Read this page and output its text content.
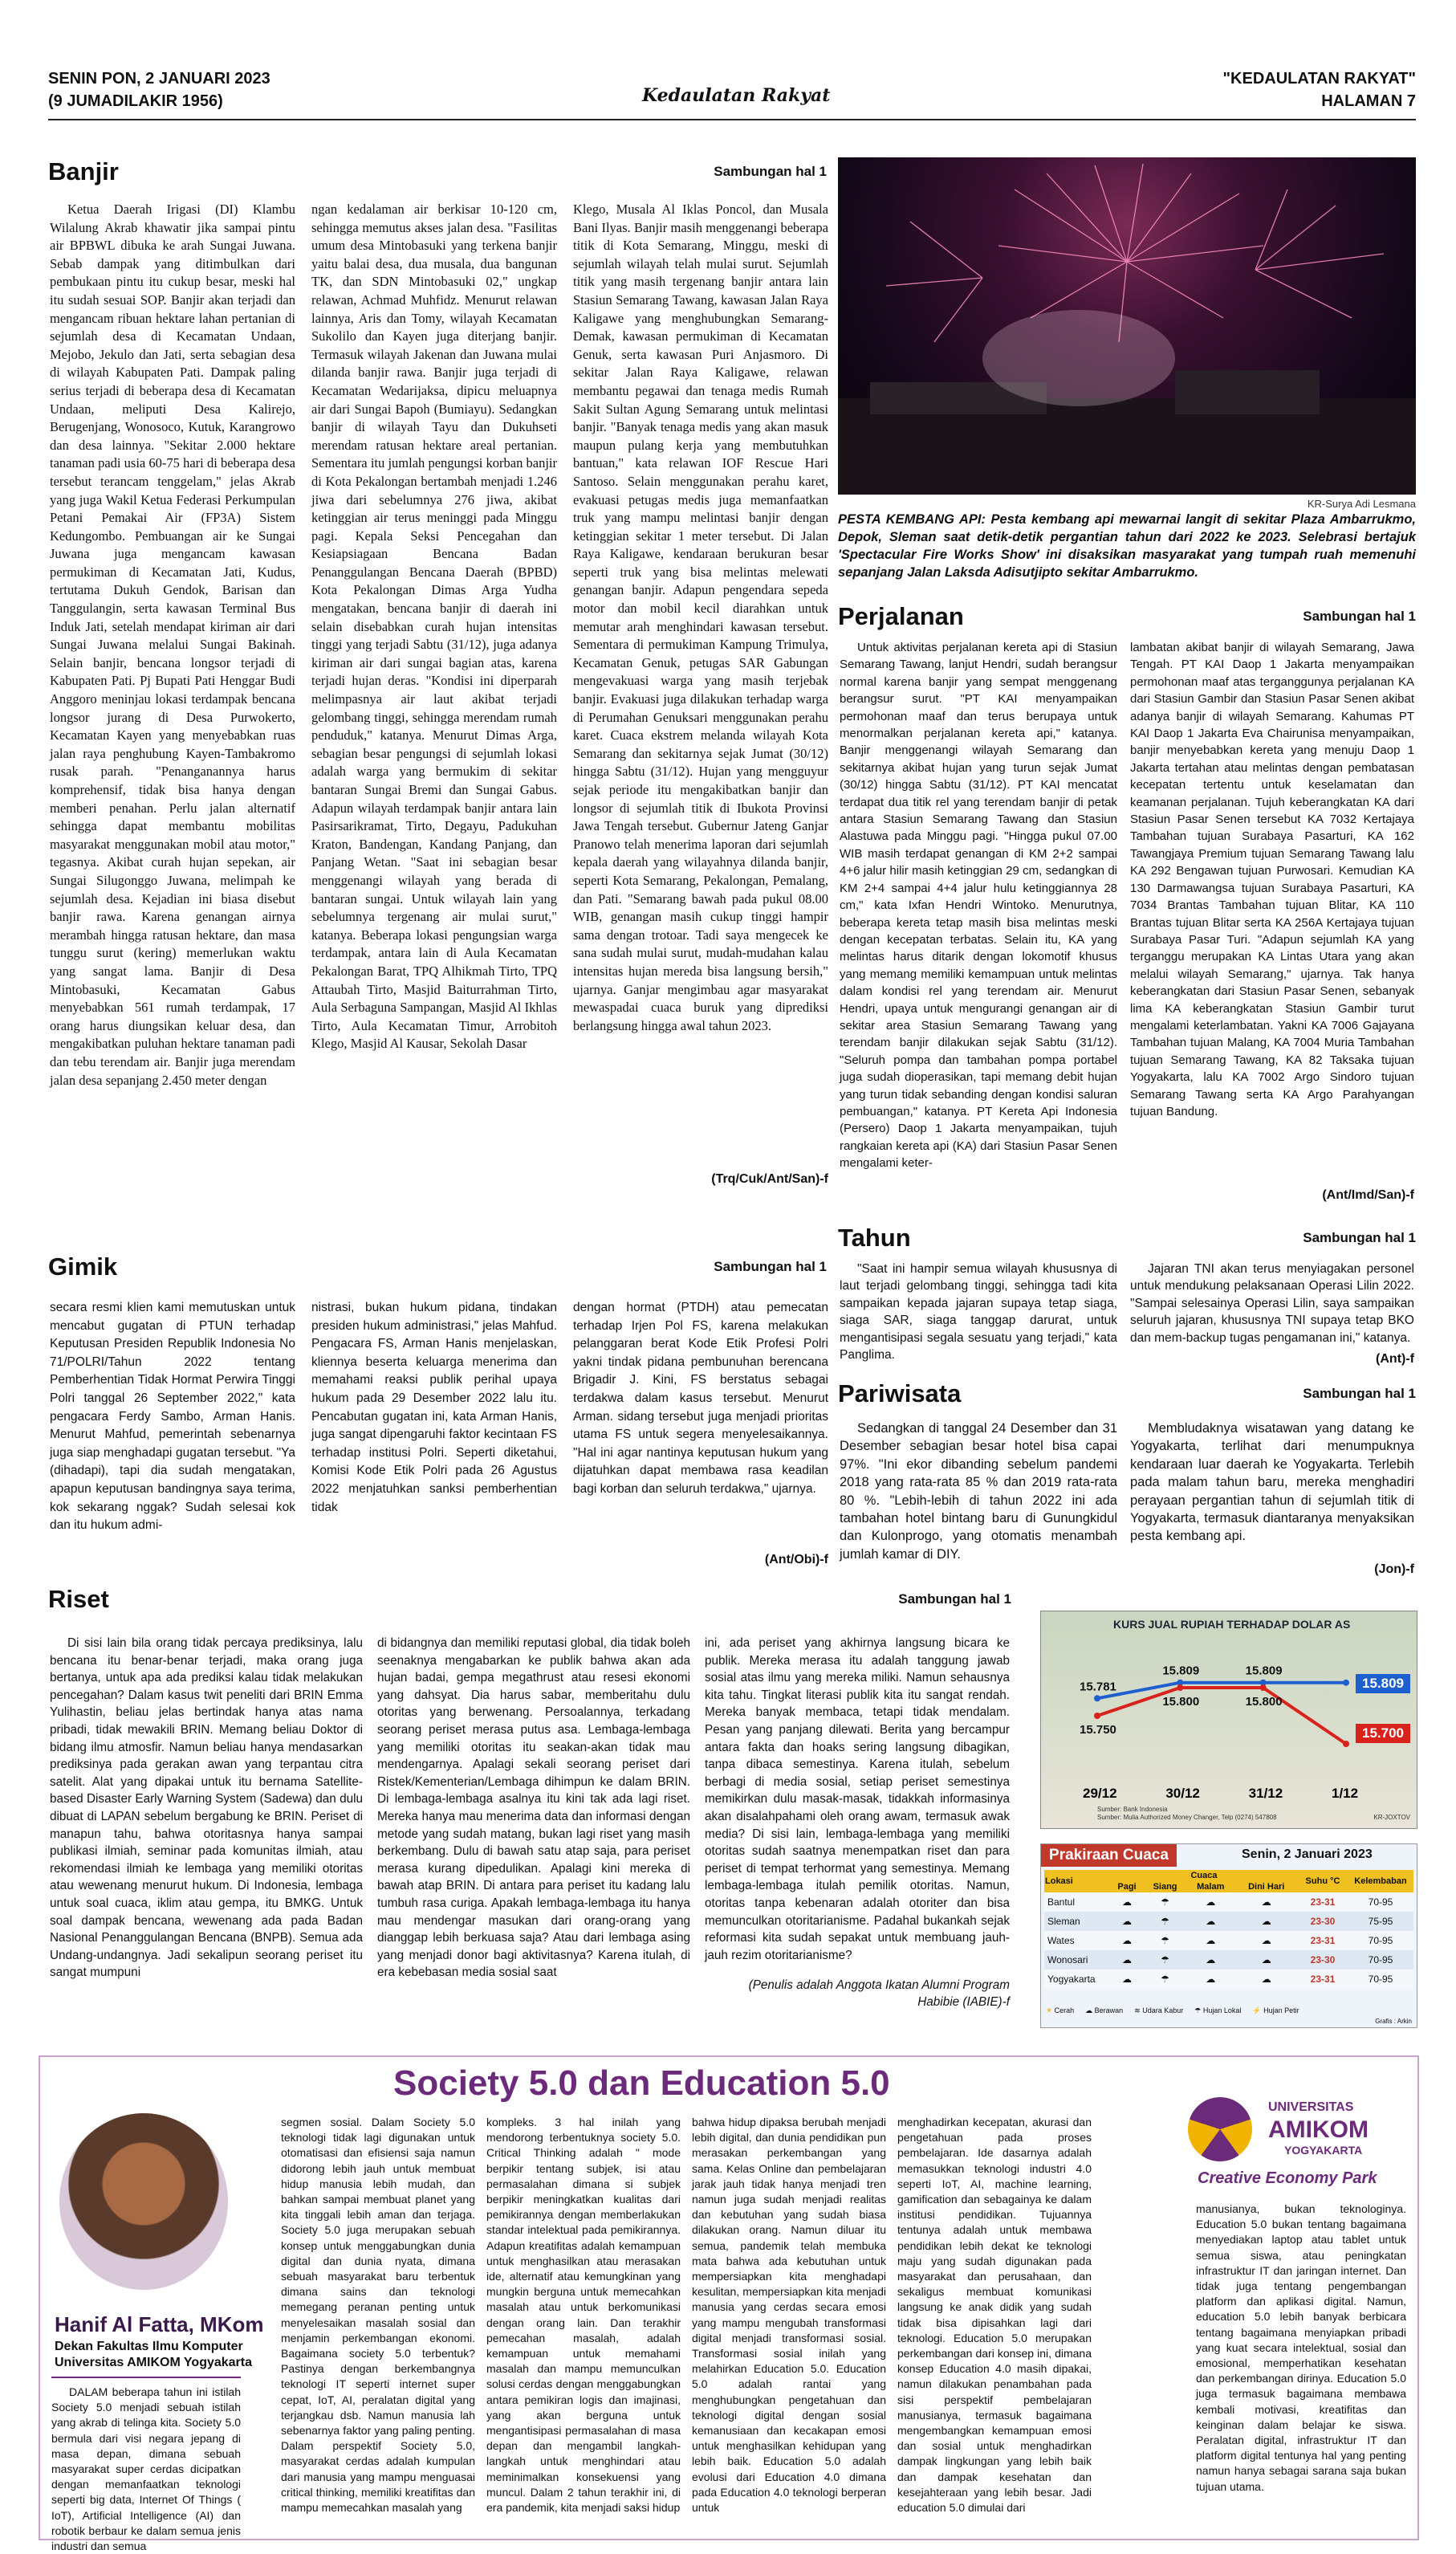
SENIN PON, 2 JANUARI 2023
(9 JUMADILAKIR 1956)	Kedaulatan Rakyat
"KEDAULATAN RAKYAT"
HALAMAN 7
Banjir	Sambungan hal 1

Ketua Daerah Irigasi (DI) Klambu Wilalung Akrab khawatir jika sampai pintu air BPBWL dibuka ke arah Sungai Juwana. Sebab dampak yang ditimbulkan dari pembukaan pintu itu cukup besar, meski hal itu sudah sesuai SOP. Banjir akan terjadi dan mengancam ribuan hektare lahan pertanian di sejumlah desa di Kecamatan Undaan, Mejobo, Jekulo dan Jati, serta sebagian desa di wilayah Kabupaten Pati. Dampak paling serius terjadi di beberapa desa di Kecamatan Undaan, meliputi Desa Kalirejo, Berugenjang, Wonosoco, Kutuk, Karangrowo dan desa lainnya. "Sekitar 2.000 hektare tanaman padi usia 60-75 hari di beberapa desa tersebut terancam tenggelam," jelas Akrab yang juga Wakil Ketua Federasi Perkumpulan Petani Pemakai Air (FP3A) Sistem Kedungombo. Pembuangan air ke Sungai Juwana juga mengancam kawasan permukiman di Kecamatan Jati, Kudus, tertutama Dukuh Gendok, Barisan dan Tanggulangin, serta kawasan Terminal Bus Induk Jati, setelah mendapat kiriman air dari Sungai Juwana melalui Sungai Bakinah. Selain banjir, bencana longsor terjadi di Kabupaten Pati. Pj Bupati Pati Henggar Budi Anggoro meninjau lokasi terdampak bencana longsor jurang di Desa Purwokerto, Kecamatan Kayen yang menyebabkan ruas jalan raya penghubung Kayen-Tambakromo rusak parah. "Penanganannya harus komprehensif, tidak bisa hanya dengan memberi penahan. Perlu jalan alternatif sehingga dapat membantu mobilitas masyarakat menggunakan mobil atau motor," tegasnya. Akibat curah hujan sepekan, air Sungai Silugonggo Juwana, melimpah ke sejumlah desa. Kejadian ini biasa disebut banjir rawa. Karena genangan airnya merambah hingga ratusan hektare, dan masa tunggu surut (kering) memerlukan waktu yang sangat lama. Banjir di Desa Mintobasuki, Kecamatan Gabus menyebabkan 561 rumah terdampak, 17 orang harus diungsikan keluar desa, dan mengakibatkan puluhan hektare tanaman padi dan tebu terendam air. Banjir juga merendam jalan desa sepanjang 2.450 meter dengan

ngan kedalaman air berkisar 10-120 cm, sehingga memutus akses jalan desa. "Fasilitas umum desa Mintobasuki yang terkena banjir yaitu balai desa, dua musala, dua bangunan TK, dan SDN Mintobasuki 02," ungkap relawan, Achmad Muhfidz. Menurut relawan lainnya, Aris dan Tomy, wilayah Kecamatan Sukolilo dan Kayen juga diterjang banjir. Termasuk wilayah Jakenan dan Juwana mulai dilanda banjir rawa. Banjir juga terjadi di Kecamatan Wedarijaksa, dipicu meluapnya air dari Sungai Bapoh (Bumiayu). Sedangkan banjir di wilayah Tayu dan Dukuhseti merendam ratusan hektare areal pertanian. Sementara itu jumlah pengungsi korban banjir di Kota Pekalongan bertambah menjadi 1.246 jiwa dari sebelumnya 276 jiwa, akibat ketinggian air terus meninggi pada Minggu pagi. Kepala Seksi Pencegahan dan Kesiapsiagaan Bencana Badan Penanggulangan Bencana Daerah (BPBD) Kota Pekalongan Dimas Arga Yudha mengatakan, bencana banjir di daerah ini selain disebabkan curah hujan intensitas tinggi yang terjadi Sabtu (31/12), juga adanya kiriman air dari sungai bagian atas, karena terjadi hujan deras. "Kondisi ini diperparah melimpasnya air laut akibat terjadi gelombang tinggi, sehingga merendam rumah penduduk," katanya. Menurut Dimas Arga, sebagian besar pengungsi di sejumlah lokasi adalah warga yang bermukim di sekitar bantaran Sungai Bremi dan Sungai Gabus. Adapun wilayah terdampak banjir antara lain Pasirsarikramat, Tirto, Degayu, Padukuhan Kraton, Bandengan, Kandang Panjang, dan Panjang Wetan. "Saat ini sebagian besar menggenangi wilayah yang berada di bantaran sungai. Untuk wilayah lain yang sebelumnya tergenang air mulai surut," katanya. Beberapa lokasi pengungsian warga terdampak, antara lain di Aula Kecamatan Pekalongan Barat, TPQ Alhikmah Tirto, TPQ Attaubah Tirto, Masjid Baiturrahman Tirto, Aula Serbaguna Sampangan, Masjid Al Ikhlas Tirto, Aula Kecamatan Timur, Arrobitoh Klego, Masjid Al Kausar, Sekolah Dasar

Klego, Musala Al Iklas Poncol, dan Musala Bani Ilyas. Banjir masih menggenangi beberapa titik di Kota Semarang, Minggu, meski di sejumlah wilayah telah mulai surut. Sejumlah titik yang masih tergenang banjir antara lain Stasiun Semarang Tawang, kawasan Jalan Raya Kaligawe yang menghubungkan Semarang-Demak, kawasan permukiman di Kecamatan Genuk, serta kawasan Puri Anjasmoro. Di sekitar Jalan Raya Kaligawe, relawan membantu pegawai dan tenaga medis Rumah Sakit Sultan Agung Semarang untuk melintasi banjir. "Banyak tenaga medis yang akan masuk maupun pulang kerja yang membutuhkan bantuan," kata relawan IOF Rescue Hari Santoso. Selain menggunakan perahu karet, evakuasi petugas medis juga memanfaatkan truk yang mampu melintasi banjir dengan ketinggian sekitar 1 meter tersebut. Di Jalan Raya Kaligawe, kendaraan berukuran besar seperti truk yang bisa melintas melewati genangan banjir. Adapun pengendara sepeda motor dan mobil kecil diarahkan untuk memutar arah menghindari kawasan tersebut. Sementara di permukiman Kampung Trimulya, Kecamatan Genuk, petugas SAR Gabungan mengevakuasi warga yang masih terjebak banjir. Evakuasi juga dilakukan terhadap warga di Perumahan Genuksari menggunakan perahu karet. Cuaca ekstrem melanda wilayah Kota Semarang dan sekitarnya sejak Jumat (30/12) hingga Sabtu (31/12). Hujan yang mengguyur sejak periode itu mengakibatkan banjir dan longsor di sejumlah titik di Ibukota Provinsi Jawa Tengah tersebut. Gubernur Jateng Ganjar Pranowo telah menerima laporan dari sejumlah kepala daerah yang wilayahnya dilanda banjir, seperti Kota Semarang, Pekalongan, Pemalang, dan Pati. "Semarang bawah pada pukul 08.00 WIB, genangan masih cukup tinggi hampir sama dengan trotoar. Tadi saya mengecek ke sana sudah mulai surut, mudah-mudahan kalau intensitas hujan mereda bisa langsung bersih," ujarnya. Ganjar mengimbau agar masyarakat mewaspadai cuaca buruk yang diprediksi berlangsung hingga awal tahun 2023.

(Trq/Cuk/Ant/San)-f
KR-Surya Adi Lesmana
PESTA KEMBANG API: Pesta kembang api mewarnai langit di sekitar Plaza Ambarrukmo, Depok, Sleman saat detik-detik pergantian tahun dari 2022 ke 2023. Selebrasi bertajuk 'Spectacular Fire Works Show' ini disaksikan masyarakat yang tumpah ruah memenuhi sepanjang Jalan Laksda Adisutjipto sekitar Ambarrukmo.
Perjalanan	Sambungan hal 1

Untuk aktivitas perjalanan kereta api di Stasiun Semarang Tawang, lanjut Hendri, sudah berangsur normal karena banjir yang sempat menggenang berangsur surut. "PT KAI menyampaikan permohonan maaf dan terus berupaya untuk menormalkan perjalanan kereta api," katanya. Banjir menggenangi wilayah Semarang dan sekitarnya akibat hujan yang turun sejak Jumat (30/12) hingga Sabtu (31/12). PT KAI mencatat terdapat dua titik rel yang terendam banjir di petak antara Stasiun Semarang Tawang dan Stasiun Alastuwa pada Minggu pagi. "Hingga pukul 07.00 WIB masih terdapat genangan di KM 2+2 sampai 4+6 jalur hilir masih ketinggian 29 cm, sedangkan di KM 2+4 sampai 4+4 jalur hulu ketinggiannya 28 cm," kata Ixfan Hendri Wintoko. Menurutnya, beberapa kereta tetap masih bisa melintas meski dengan kecepatan terbatas. Selain itu, KA yang melintas harus ditarik dengan lokomotif khusus yang memang memiliki kemampuan untuk melintas dalam kondisi rel yang terendam air. Menurut Hendri, upaya untuk mengurangi genangan air di sekitar area Stasiun Semarang Tawang yang terendam banjir dilakukan sejak Sabtu (31/12). "Seluruh pompa dan tambahan pompa portabel juga sudah dioperasikan, tapi memang debit hujan yang turun tidak sebanding dengan kondisi saluran pembuangan," katanya. PT Kereta Api Indonesia (Persero) Daop 1 Jakarta menyampaikan, tujuh rangkaian kereta api (KA) dari Stasiun Pasar Senen mengalami keter-

lambatan akibat banjir di wilayah Semarang, Jawa Tengah. PT KAI Daop 1 Jakarta menyampaikan permohonan maaf atas terganggunya perjalanan KA dari Stasiun Gambir dan Stasiun Pasar Senen akibat adanya banjir di wilayah Semarang. Kahumas PT KAI Daop 1 Jakarta Eva Chairunisa menyampaikan, banjir menyebabkan kereta yang menuju Daop 1 Jakarta tertahan atau melintas dengan pembatasan kecepatan tertentu untuk keselamatan dan keamanan perjalanan. Tujuh keberangkatan KA dari Stasiun Pasar Senen tersebut KA 7032 Kertajaya Tambahan tujuan Surabaya Pasarturi, KA 162 Tawangjaya Premium tujuan Semarang Tawang lalu KA 292 Bengawan tujuan Purwosari. Kemudian KA 130 Darmawangsa tujuan Surabaya Pasarturi, KA 7034 Brantas Tambahan tujuan Blitar, KA 110 Brantas tujuan Blitar serta KA 256A Kertajaya tujuan Surabaya Pasar Turi. "Adapun sejumlah KA yang terganggu merupakan KA Lintas Utara yang akan melalui wilayah Semarang," ujarnya. Tak hanya keberangkatan dari Stasiun Pasar Senen, sebanyak lima KA keberangkatan Stasiun Gambir turut mengalami keterlambatan. Yakni KA 7006 Gajayana Tambahan tujuan Malang, KA 7004 Muria Tambahan tujuan Semarang Tawang, KA 82 Taksaka tujuan Yogyakarta, lalu KA 7002 Argo Sindoro tujuan Semarang Tawang serta KA Argo Parahyangan tujuan Bandung.

(Ant/Imd/San)-f
Tahun	Sambungan hal 1

"Saat ini hampir semua wilayah khususnya di laut terjadi gelombang tinggi, sehingga tadi kita sampaikan kepada jajaran supaya tetap siaga, siaga SAR, siaga tanggap darurat, untuk mengantisipasi segala sesuatu yang terjadi," kata Panglima.

Jajaran TNI akan terus menyiagakan personel untuk mendukung pelaksanaan Operasi Lilin 2022. "Sampai selesainya Operasi Lilin, saya sampaikan seluruh jajaran, khususnya TNI supaya tetap BKO dan mem-backup tugas pengamanan ini," katanya.

(Ant)-f
Pariwisata	Sambungan hal 1

Sedangkan di tanggal 24 Desember dan 31 Desember sebagian besar hotel bisa capai 97%. "Ini ekor dibanding sebelum pandemi 2018 yang rata-rata 85 % dan 2019 rata-rata 80 %. "Lebih-lebih di tahun 2022 ini ada tambahan hotel bintang baru di Gunungkidul dan Kulonprogo, yang otomatis menambah jumlah kamar di DIY.

Membludaknya wisatawan yang datang ke Yogyakarta, terlihat dari menumpuknya kendaraan luar daerah ke Yogyakarta. Terlebih pada malam tahun baru, mereka menghadiri perayaan pergantian tahun di sejumlah titik di Yogyakarta, termasuk diantaranya menyaksikan pesta kembang api.

(Jon)-f
Gimik	Sambungan hal 1

secara resmi klien kami memutuskan untuk mencabut gugatan di PTUN terhadap Keputusan Presiden Republik Indonesia No 71/POLRI/Tahun 2022 tentang Pemberhentian Tidak Hormat Perwira Tinggi Polri tanggal 26 September 2022," kata pengacara Ferdy Sambo, Arman Hanis. Menurut Mahfud, pemerintah sebenarnya juga siap menghadapi gugatan tersebut. "Ya (dihadapi), tapi dia sudah mengatakan, apapun keputusan bandingnya saya terima, kok sekarang nggak? Sudah selesai kok dan itu hukum admi-

nistrasi, bukan hukum pidana, tindakan presiden hukum administrasi," jelas Mahfud. Pengacara FS, Arman Hanis menjelaskan, kliennya beserta keluarga menerima dan memahami reaksi publik perihal upaya hukum pada 29 Desember 2022 lalu itu. Pencabutan gugatan ini, kata Arman Hanis, juga sangat dipengaruhi faktor kecintaan FS terhadap institusi Polri. Seperti diketahui, Komisi Kode Etik Polri pada 26 Agustus 2022 menjatuhkan sanksi pemberhentian tidak

dengan hormat (PTDH) atau pemecatan terhadap Irjen Pol FS, karena melakukan pelanggaran berat Kode Etik Profesi Polri yakni tindak pidana pembunuhan berencana Brigadir J. Kini, FS berstatus sebagai terdakwa dalam kasus tersebut. Menurut Arman. sidang tersebut juga menjadi prioritas utama FS untuk segera menyelesaikannya. "Hal ini agar nantinya keputusan hukum yang dijatuhkan dapat membawa rasa keadilan bagi korban dan seluruh terdakwa," ujarnya.

(Ant/Obi)-f
Riset	Sambungan hal 1

Di sisi lain bila orang tidak percaya prediksinya, lalu bencana itu benar-benar terjadi, maka orang juga bertanya, untuk apa ada prediksi kalau tidak melakukan pencegahan? Dalam kasus twit peneliti dari BRIN Emma Yulihastin, beliau jelas bertindak hanya atas nama pribadi, tidak mewakili BRIN. Memang beliau Doktor di bidang ilmu atmosfir. Namun beliau hanya mendasarkan prediksinya pada gerakan awan yang terpantau citra satelit. Alat yang dipakai untuk itu bernama Satellite-based Disaster Early Warning System (Sadewa) dan dulu dibuat di LAPAN sebelum bergabung ke BRIN. Periset di manapun tahu, bahwa otoritasnya hanya sampai publikasi ilmiah, seminar pada komunitas ilmiah, atau rekomendasi ilmiah ke lembaga yang memiliki otoritas atau wewenang menurut hukum. Di Indonesia, lembaga untuk soal cuaca, iklim atau gempa, itu BMKG. Untuk soal dampak bencana, wewenang ada pada Badan Nasional Penanggulangan Bencana (BNPB). Semua ada Undang-undangnya. Jadi sekalipun seorang periset itu sangat mumpuni

di bidangnya dan memiliki reputasi global, dia tidak boleh seenaknya mengabarkan ke publik bahwa akan ada hujan badai, gempa megathrust atau resesi ekonomi yang dahsyat. Dia harus sabar, memberitahu dulu otoritas yang berwenang. Persoalannya, terkadang seorang periset merasa putus asa. Lembaga-lembaga yang memiliki otoritas itu seakan-akan tidak mau mendengarnya. Apalagi sekali seorang periset dari Ristek/Kementerian/Lembaga dihimpun ke dalam BRIN. Di lembaga-lembaga asalnya itu kini tak ada lagi riset. Mereka hanya mau menerima data dan informasi dengan metode yang sudah matang, bukan lagi riset yang masih berkembang. Dulu di bawah satu atap saja, para periset merasa kurang dipedulikan. Apalagi kini mereka di bawah atap BRIN. Di antara para periset itu kadang lalu tumbuh rasa curiga. Apakah lembaga-lembaga itu hanya mau mendengar masukan dari orang-orang yang dianggap lebih berkuasa saja? Atau dari lembaga asing yang menjadi donor bagi aktivitasnya? Karena itulah, di era kebebasan media sosial saat

ini, ada periset yang akhirnya langsung bicara ke publik. Mereka merasa itu adalah tanggung jawab sosial atas ilmu yang mereka miliki. Namun sehausnya kita tahu. Tingkat literasi publik kita itu sangat rendah. Mereka banyak membaca, tetapi tidak mendalam. Pesan yang panjang dilewati. Berita yang bercampur antara fakta dan hoaks sering langsung dibagikan, tanpa dibaca semestinya. Karena itulah, sebelum berbagi di media sosial, setiap periset semestinya memikirkan dulu masak-masak, tidakkah informasinya akan disalahpahami oleh orang awam, termasuk awak media? Di sisi lain, lembaga-lembaga yang memiliki otoritas sudah saatnya menempatkan riset dan para periset di tempat terhormat yang semestinya. Memang lembaga-lembaga itulah pemilik otoritas. Namun, otoritas tanpa kebenaran adalah otoriter dan bisa memunculkan otoritarianisme. Padahal bukankah sejak reformasi kita sudah sepakat untuk membuang jauh-jauh rezim otoritarianisme?

(Penulis adalah Anggota Ikatan Alumni Program Habibie (IABIE)-f
KURS JUAL RUPIAH TERHADAP DOLAR AS
15.781
15.809	15.809
15.800
15.750
15.800
29/12	30/12	31/12	1/12
15.809
15.700
Sumber: Bank Indonesia
Sumber: Mulia Authorized Money Changer, Telp (0274) 547808	KR-JOXTOV
Prakiraan Cuaca	Senin, 2 Januari 2023
Lokasi	Cuaca				Suhu °C	Kelembaban
	Pagi	Siang	Malam	Dini Hari		
Bantul	☁	☂	☁	☁	23-31	70-95
Sleman	☁	☂	☁	☁	23-30	75-95
Wates	☁	☂	☁	☁	23-31	70-95
Wonosari	☁	☂	☁	☁	23-30	70-95
Yogyakarta	☁	☂	☁	☁	23-31	70-95
☀ Cerah ☁ Berawan ≋ Udara Kabur ☂ Hujan Lokal ⚡ Hujan Petir
Grafis : Arkin
Society 5.0 dan Education 5.0
Hanif Al Fatta, MKom
Dekan Fakultas Ilmu Komputer
Universitas AMIKOM Yogyakarta

DALAM beberapa tahun ini istilah Society 5.0 menjadi sebuah istilah yang akrab di telinga kita. Society 5.0 bermula dari visi negara jepang di masa depan, dimana sebuah masyarakat super cerdas dicipatkan dengan memanfaatkan teknologi seperti big data, Internet Of Things ( IoT), Artificial Intelligence (AI) dan robotik berbaur ke dalam semua jenis industri dan semua

segmen sosial. Dalam Society 5.0 teknologi tidak lagi digunakan untuk otomatisasi dan efisiensi saja namun didorong lebih jauh untuk membuat hidup manusia lebih mudah, dan bahkan sampai membuat planet yang kita tinggali lebih aman dan terjaga. Society 5.0 juga merupakan sebuah konsep untuk menggabungkan dunia digital dan dunia nyata, dimana sebuah masyarakat baru terbentuk dimana sains dan teknologi memegang peranan penting untuk menyelesaikan masalah sosial dan menjamin perkembangan ekonomi. Bagaimana society 5.0 terbentuk? Pastinya dengan berkembangnya teknologi IT seperti internet super cepat, IoT, AI, peralatan digital yang terjangkau dsb. Namun manusia lah sebenarnya faktor yang paling penting. Dalam perspektif Society 5.0, masyarakat cerdas adalah kumpulan dari manusia yang mampu menguasai critical thinking, memiliki kreatifitas dan mampu memecahkan masalah yang

kompleks. 3 hal inilah yang mendorong terbentuknya society 5.0. Critical Thinking adalah " mode berpikir tentang subjek, isi atau permasalahan dimana si subjek berpikir meningkatkan kualitas dari pemikirannya dengan memberlakukan standar intelektual pada pemikirannya. Adapun kreatifitas adalah kemampuan untuk menghasilkan atau merasakan ide, alternatif atau kemungkinan yang mungkin berguna untuk memecahkan masalah atau untuk berkomunikasi dengan orang lain. Dan terakhir pemecahan masalah, adalah kemampuan untuk memahami masalah dan mampu memunculkan solusi cerdas dengan menggabungkan antara pemikiran logis dan imajinasi, yang akan berguna untuk mengantisipasi permasalahan di masa depan dan mengambil langkah-langkah untuk menghindari atau meminimalkan konsekuensi yang muncul. Dalam 2 tahun terakhir ini, di era pandemik, kita menjadi saksi hidup

bahwa hidup dipaksa berubah menjadi lebih digital, dan dunia pendidikan pun merasakan perkembangan yang sama. Kelas Online dan pembelajaran jarak jauh tidak hanya menjadi tren namun juga sudah menjadi realitas dan kebutuhan yang sudah biasa dilakukan orang. Namun diluar itu semua, pandemik telah membuka mata bahwa ada kebutuhan untuk mempersiapkan kita menghadapi kesulitan, mempersiapkan kita menjadi manusia yang cerdas secara emosi yang mampu mengubah transformasi digital menjadi transformasi sosial. Transformasi sosial inilah yang melahirkan Education 5.0. Education 5.0 adalah rantai yang menghubungkan pengetahuan dan teknologi digital dengan sosial kemanusiaan dan kecakapan emosi untuk menghasilkan kehidupan yang lebih baik. Education 5.0 adalah evolusi dari Education 4.0 dimana pada Education 4.0 teknologi berperan untuk

menghadirkan kecepatan, akurasi dan pengetahuan pada proses pembelajaran. Ide dasarnya adalah memasukkan teknologi industri 4.0 seperti IoT, AI, machine learning, gamification dan sebagainya ke dalam institusi pendidikan. Tujuannya tentunya adalah untuk membawa pendidikan lebih dekat ke teknologi maju yang sudah digunakan pada masyarakat dan perusahaan, dan sekaligus membuat komunikasi langsung ke anak didik yang sudah tidak bisa dipisahkan lagi dari teknologi. Education 5.0 merupakan perkembangan dari konsep ini, dimana konsep Education 4.0 masih dipakai, namun dilakukan penambahan pada sisi perspektif pembelajaran manusianya, termasuk bagaimana mengembangkan kemampuan emosi dan sosial untuk menghadirkan dampak lingkungan yang lebih baik dan dampak kesehatan dan kesejahteraan yang lebih besar. Jadi education 5.0 dimulai dari

UNIVERSITAS
AMIKOM
YOGYAKARTA
Creative Economy Park

manusianya, bukan teknologinya. Education 5.0 bukan tentang bagaimana menyediakan laptop atau tablet untuk semua siswa, atau peningkatan infrastruktur IT dan jaringan internet. Dan tidak juga tentang pengembangan platform dan aplikasi digital. Namun, education 5.0 lebih banyak berbicara tentang bagaimana menyiapkan pribadi yang kuat secara intelektual, sosial dan emosional, memperhatikan kesehatan dan perkembangan dirinya. Education 5.0 juga termasuk bagaimana membawa kembali motivasi, kreatifitas dan keinginan dalam belajar ke siswa. Peralatan digital, infrastruktur IT dan platform digital tentunya hal yang penting namun hanya sebagai sarana saja bukan tujuan utama.
